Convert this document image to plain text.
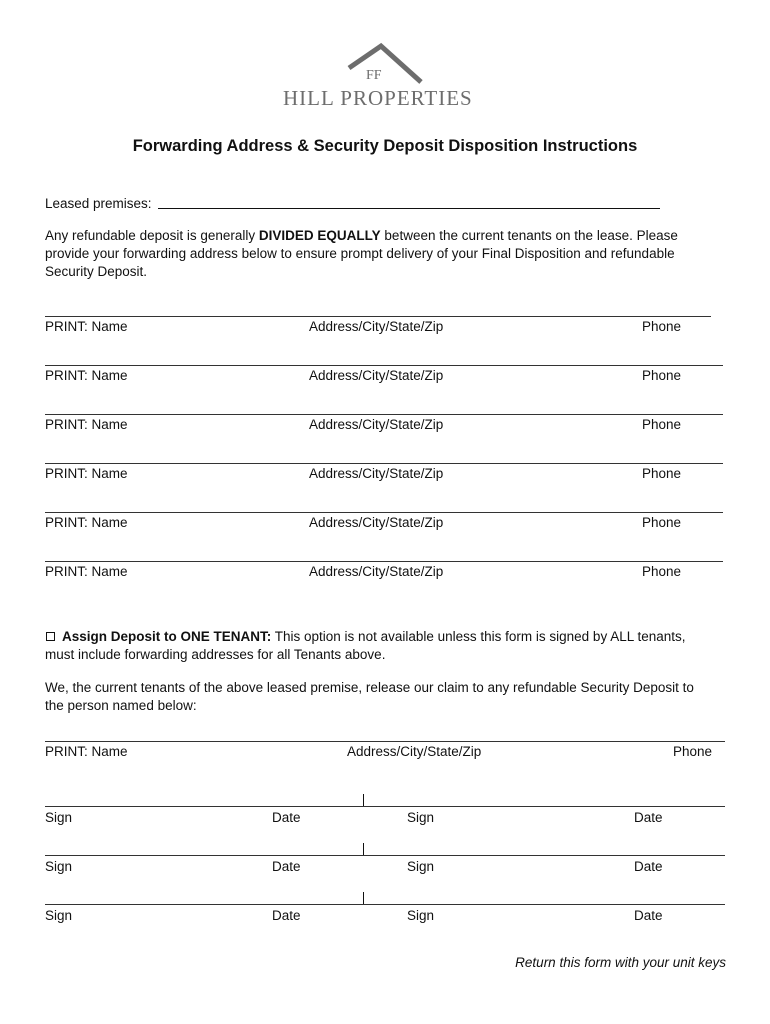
FF
HILL PROPERTIES
Forwarding Address & Security Deposit Disposition Instructions
Leased premises:
Any refundable deposit is generally DIVIDED EQUALLY between the current tenants on the lease. Please
provide your forwarding address below to ensure prompt delivery of your Final Disposition and refundable
Security Deposit.
PRINT: Name	Address/City/State/Zip	Phone
PRINT: Name	Address/City/State/Zip	Phone
PRINT: Name	Address/City/State/Zip	Phone
PRINT: Name	Address/City/State/Zip	Phone
PRINT: Name	Address/City/State/Zip	Phone
PRINT: Name	Address/City/State/Zip	Phone
Assign Deposit to ONE TENANT: This option is not available unless this form is signed by ALL tenants,
must include forwarding addresses for all Tenants above.
We, the current tenants of the above leased premise, release our claim to any refundable Security Deposit to
the person named below:
PRINT: Name	Address/City/State/Zip	Phone
Sign	Date	Sign	Date
Sign	Date	Sign	Date
Sign	Date	Sign	Date
Return this form with your unit keys
